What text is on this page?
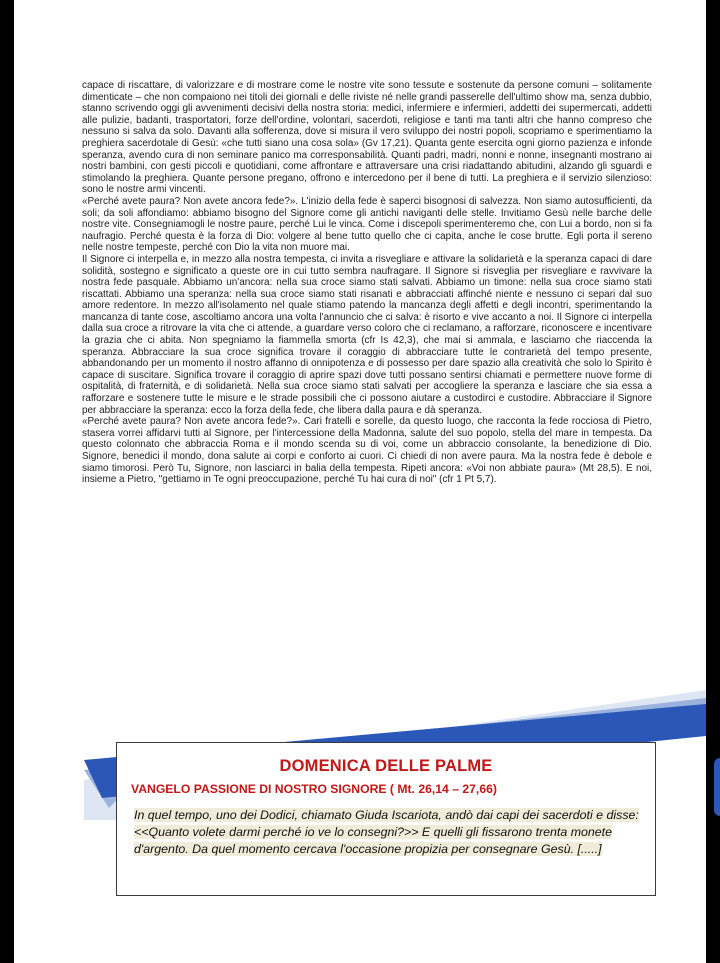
capace di riscattare, di valorizzare e di mostrare come le nostre vite sono tessute e sostenute da persone comuni – solitamente dimenticate – che non compaiono nei titoli dei giornali e delle riviste né nelle grandi passerelle dell'ultimo show ma, senza dubbio, stanno scrivendo oggi gli avvenimenti decisivi della nostra storia: medici, infermiere e infermieri, addetti dei supermercati, addetti alle pulizie, badanti, trasportatori, forze dell'ordine, volontari, sacerdoti, religiose e tanti ma tanti altri che hanno compreso che nessuno si salva da solo. Davanti alla sofferenza, dove si misura il vero sviluppo dei nostri popoli, scopriamo e sperimentiamo la preghiera sacerdotale di Gesù: «che tutti siano una cosa sola» (Gv 17,21). Quanta gente esercita ogni giorno pazienza e infonde speranza, avendo cura di non seminare panico ma corresponsabilità. Quanti padri, madri, nonni e nonne, insegnanti mostrano ai nostri bambini, con gesti piccoli e quotidiani, come affrontare e attraversare una crisi riadattando abitudini, alzando gli sguardi e stimolando la preghiera. Quante persone pregano, offrono e intercedono per il bene di tutti. La preghiera e il servizio silenzioso: sono le nostre armi vincenti.

«Perché avete paura? Non avete ancora fede?». L'inizio della fede è saperci bisognosi di salvezza. Non siamo autosufficienti, da soli; da soli affondiamo: abbiamo bisogno del Signore come gli antichi naviganti delle stelle. Invitiamo Gesù nelle barche delle nostre vite. Consegniamogli le nostre paure, perché Lui le vinca. Come i discepoli sperimenteremo che, con Lui a bordo, non si fa naufragio. Perché questa è la forza di Dio: volgere al bene tutto quello che ci capita, anche le cose brutte. Egli porta il sereno nelle nostre tempeste, perché con Dio la vita non muore mai.

Il Signore ci interpella e, in mezzo alla nostra tempesta, ci invita a risvegliare e attivare la solidarietà e la speranza capaci di dare solidità, sostegno e significato a queste ore in cui tutto sembra naufragare. Il Signore si risveglia per risvegliare e ravvivare la nostra fede pasquale. Abbiamo un'ancora: nella sua croce siamo stati salvati. Abbiamo un timone: nella sua croce siamo stati riscattati. Abbiamo una speranza: nella sua croce siamo stati risanati e abbracciati affinché niente e nessuno ci separi dal suo amore redentore. In mezzo all'isolamento nel quale stiamo patendo la mancanza degli affetti e degli incontri, sperimentando la mancanza di tante cose, ascoltiamo ancora una volta l'annuncio che ci salva: è risorto e vive accanto a noi. Il Signore ci interpella dalla sua croce a ritrovare la vita che ci attende, a guardare verso coloro che ci reclamano, a rafforzare, riconoscere e incentivare la grazia che ci abita. Non spegniamo la fiammella smorta (cfr Is 42,3), che mai si ammala, e lasciamo che riaccenda la speranza. Abbracciare la sua croce significa trovare il coraggio di abbracciare tutte le contrarietà del tempo presente, abbandonando per un momento il nostro affanno di onnipotenza e di possesso per dare spazio alla creatività che solo lo Spirito è capace di suscitare. Significa trovare il coraggio di aprire spazi dove tutti possano sentirsi chiamati e permettere nuove forme di ospitalità, di fraternità, e di solidarietà. Nella sua croce siamo stati salvati per accogliere la speranza e lasciare che sia essa a rafforzare e sostenere tutte le misure e le strade possibili che ci possono aiutare a custodirci e custodire. Abbracciare il Signore per abbracciare la speranza: ecco la forza della fede, che libera dalla paura e dà speranza.

«Perché avete paura? Non avete ancora fede?». Cari fratelli e sorelle, da questo luogo, che racconta la fede rocciosa di Pietro, stasera vorrei affidarvi tutti al Signore, per l'intercessione della Madonna, salute del suo popolo, stella del mare in tempesta. Da questo colonnato che abbraccia Roma e il mondo scenda su di voi, come un abbraccio consolante, la benedizione di Dio. Signore, benedici il mondo, dona salute ai corpi e conforto ai cuori. Ci chiedi di non avere paura. Ma la nostra fede è debole e siamo timorosi. Però Tu, Signore, non lasciarci in balia della tempesta. Ripeti ancora: «Voi non abbiate paura» (Mt 28,5). E noi, insieme a Pietro, "gettiamo in Te ogni preoccupazione, perché Tu hai cura di noi" (cfr 1 Pt 5,7).

DOMENICA DELLE PALME
VANGELO PASSIONE DI NOSTRO SIGNORE ( Mt. 26,14 – 27,66)
In quel tempo, uno dei Dodici, chiamato Giuda Iscariota, andò dai capi dei sacerdoti e disse: <<Quanto volete darmi perché io ve lo consegni?>> E quelli gli fissarono trenta monete d'argento. Da quel momento cercava l'occasione propizia per consegnare Gesù. [.....]
